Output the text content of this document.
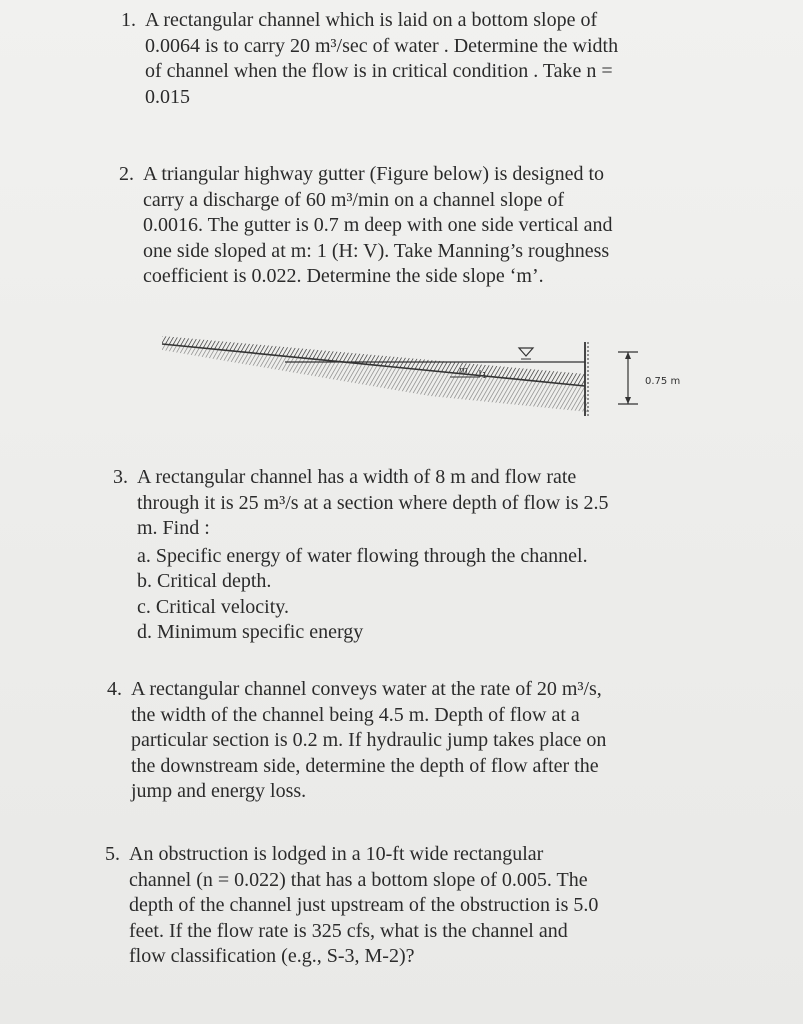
1. A rectangular channel which is laid on a bottom slope of
0.0064 is to carry 20 m³/sec of water . Determine the width
of channel when the flow is in critical condition . Take n =
0.015
2. A triangular highway gutter (Figure below) is designed to
carry a discharge of 60 m³/min on a channel slope of
0.0016. The gutter is 0.7 m deep with one side vertical and
one side sloped at m: 1 (H: V). Take Manning’s roughness
coefficient is 0.022. Determine the side slope ‘m’.
m 1
0.75 m
3. A rectangular channel has a width of 8 m and flow rate
through it is 25 m³/s at a section where depth of flow is 2.5
m. Find :
a. Specific energy of water flowing through the channel.
b. Critical depth.
c. Critical velocity.
d. Minimum specific energy
4. A rectangular channel conveys water at the rate of 20 m³/s,
the width of the channel being 4.5 m. Depth of flow at a
particular section is 0.2 m. If hydraulic jump takes place on
the downstream side, determine the depth of flow after the
jump and energy loss.
5. An obstruction is lodged in a 10-ft wide rectangular
channel (n = 0.022) that has a bottom slope of 0.005. The
depth of the channel just upstream of the obstruction is 5.0
feet. If the flow rate is 325 cfs, what is the channel and
flow classification (e.g., S-3, M-2)?
